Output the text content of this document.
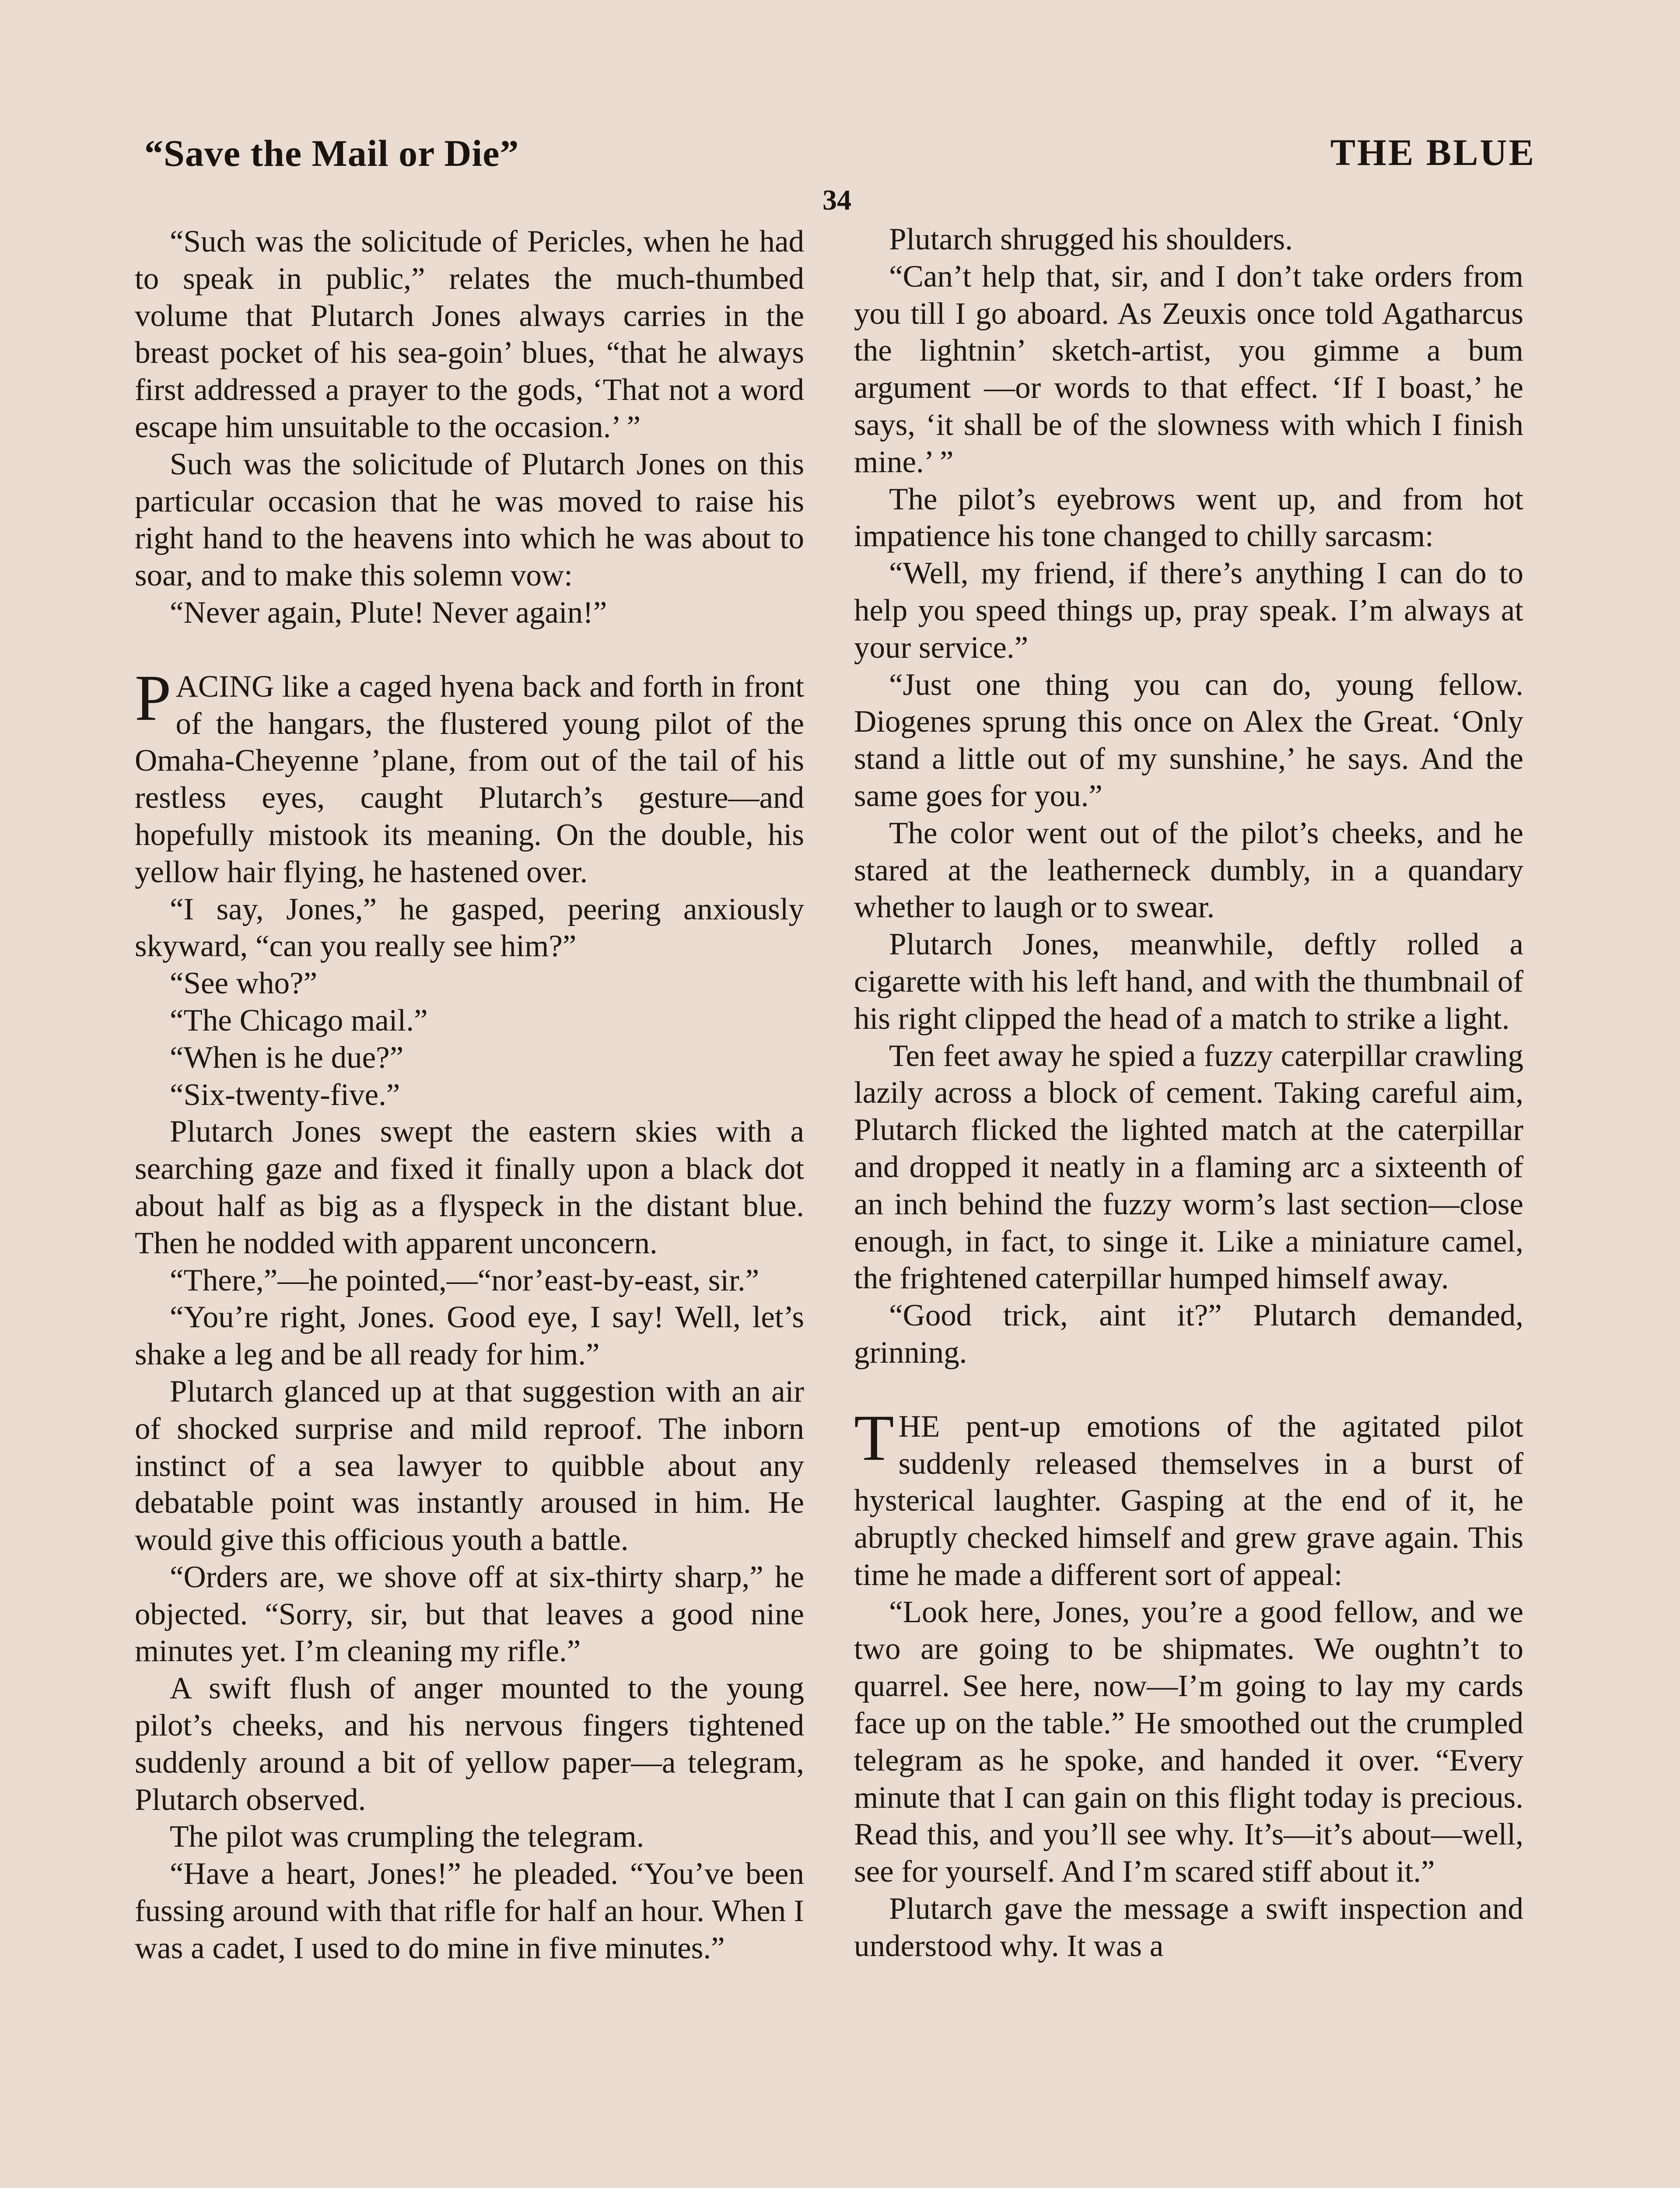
“Save the Mail or Die”	THE BLUE
34

“Such was the solicitude of Pericles, when he had to speak in public,” relates the much-thumbed volume that Plutarch Jones always carries in the breast pocket of his sea-goin’ blues, “that he always first addressed a prayer to the gods, ‘That not a word escape him unsuitable to the occasion.’ ”

Such was the solicitude of Plutarch Jones on this particular occasion that he was moved to raise his right hand to the heavens into which he was about to soar, and to make this solemn vow:

“Never again, Plute! Never again!”

PACING like a caged hyena back and forth in front of the hangars, the flustered young pilot of the Omaha-Cheyenne ’plane, from out of the tail of his restless eyes, caught Plutarch’s gesture—and hopefully mistook its meaning. On the double, his yellow hair flying, he hastened over.

“I say, Jones,” he gasped, peering anxiously skyward, “can you really see him?”

“See who?”

“The Chicago mail.”

“When is he due?”

“Six-twenty-five.”

Plutarch Jones swept the eastern skies with a searching gaze and fixed it finally upon a black dot about half as big as a flyspeck in the distant blue. Then he nodded with apparent unconcern.

“There,”—he pointed,—“nor’east-by-east, sir.”

“You’re right, Jones. Good eye, I say! Well, let’s shake a leg and be all ready for him.”

Plutarch glanced up at that suggestion with an air of shocked surprise and mild reproof. The inborn instinct of a sea lawyer to quibble about any debatable point was instantly aroused in him. He would give this officious youth a battle.

“Orders are, we shove off at six-thirty sharp,” he objected. “Sorry, sir, but that leaves a good nine minutes yet. I’m cleaning my rifle.”

A swift flush of anger mounted to the young pilot’s cheeks, and his nervous fingers tightened suddenly around a bit of yellow paper—a telegram, Plutarch observed.

The pilot was crumpling the telegram.

“Have a heart, Jones!” he pleaded. “You’ve been fussing around with that rifle for half an hour. When I was a cadet, I used to do mine in five minutes.”

Plutarch shrugged his shoulders.

“Can’t help that, sir, and I don’t take orders from you till I go aboard. As Zeuxis once told Agatharcus the lightnin’ sketch-artist, you gimme a bum argument —or words to that effect. ‘If I boast,’ he says, ‘it shall be of the slowness with which I finish mine.’ ”

The pilot’s eyebrows went up, and from hot impatience his tone changed to chilly sarcasm:

“Well, my friend, if there’s anything I can do to help you speed things up, pray speak. I’m always at your service.”

“Just one thing you can do, young fellow. Diogenes sprung this once on Alex the Great. ‘Only stand a little out of my sunshine,’ he says. And the same goes for you.”

The color went out of the pilot’s cheeks, and he stared at the leatherneck dumbly, in a quandary whether to laugh or to swear.

Plutarch Jones, meanwhile, deftly rolled a cigarette with his left hand, and with the thumbnail of his right clipped the head of a match to strike a light.

Ten feet away he spied a fuzzy caterpillar crawling lazily across a block of cement. Taking careful aim, Plutarch flicked the lighted match at the caterpillar and dropped it neatly in a flaming arc a sixteenth of an inch behind the fuzzy worm’s last section—close enough, in fact, to singe it. Like a miniature camel, the frightened caterpillar humped himself away.

“Good trick, aint it?” Plutarch demanded, grinning.

THE pent-up emotions of the agitated pilot suddenly released themselves in a burst of hysterical laughter. Gasping at the end of it, he abruptly checked himself and grew grave again. This time he made a different sort of appeal:

“Look here, Jones, you’re a good fellow, and we two are going to be shipmates. We oughtn’t to quarrel. See here, now—I’m going to lay my cards face up on the table.” He smoothed out the crumpled telegram as he spoke, and handed it over. “Every minute that I can gain on this flight today is precious. Read this, and you’ll see why. It’s—it’s about—well, see for yourself. And I’m scared stiff about it.”

Plutarch gave the message a swift inspection and understood why. It was a
